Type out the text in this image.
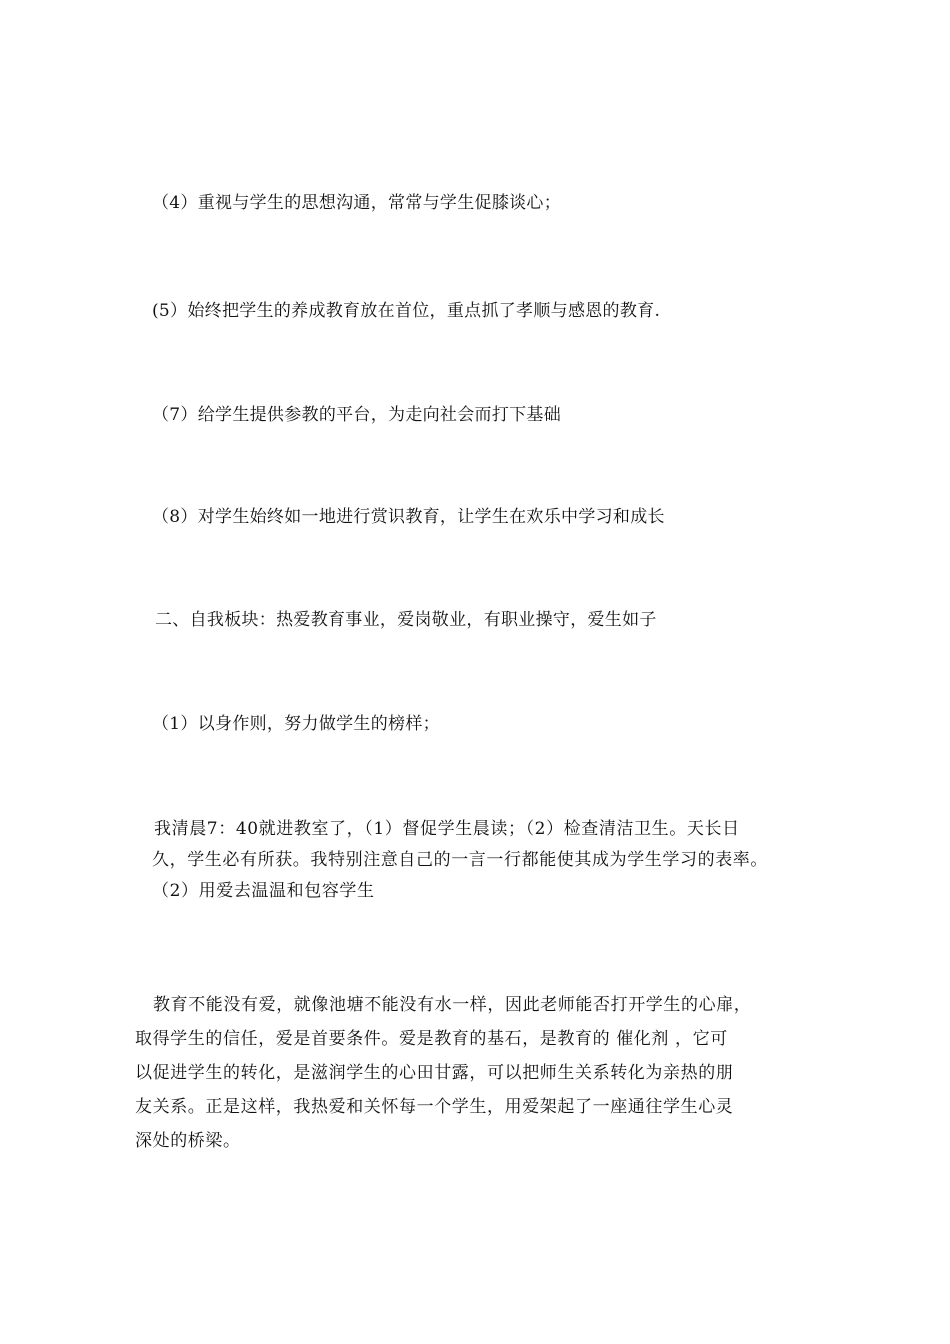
（4）重视与学生的思想沟通，常常与学生促膝谈心；
(5）始终把学生的养成教育放在首位，重点抓了孝顺与感恩的教育.
（7）给学生提供参教的平台，为走向社会而打下基础
（8）对学生始终如一地进行赏识教育，让学生在欢乐中学习和成长
二、自我板块：热爱教育事业，爱岗敬业，有职业操守，爱生如子
（1）以身作则，努力做学生的榜样；
我清晨7：40就进教室了，（1）督促学生晨读；（2）检查清洁卫生。天长日
久，学生必有所获。我特别注意自己的一言一行都能使其成为学生学习的表率。
（2）用爱去温温和包容学生
教育不能没有爱，就像池塘不能没有水一样，因此老师能否打开学生的心扉，
取得学生的信任，爱是首要条件。爱是教育的基石，是教育的 催化剂 ，它可
以促进学生的转化，是滋润学生的心田甘露，可以把师生关系转化为亲热的朋
友关系。正是这样，我热爱和关怀每一个学生，用爱架起了一座通往学生心灵
深处的桥梁。
